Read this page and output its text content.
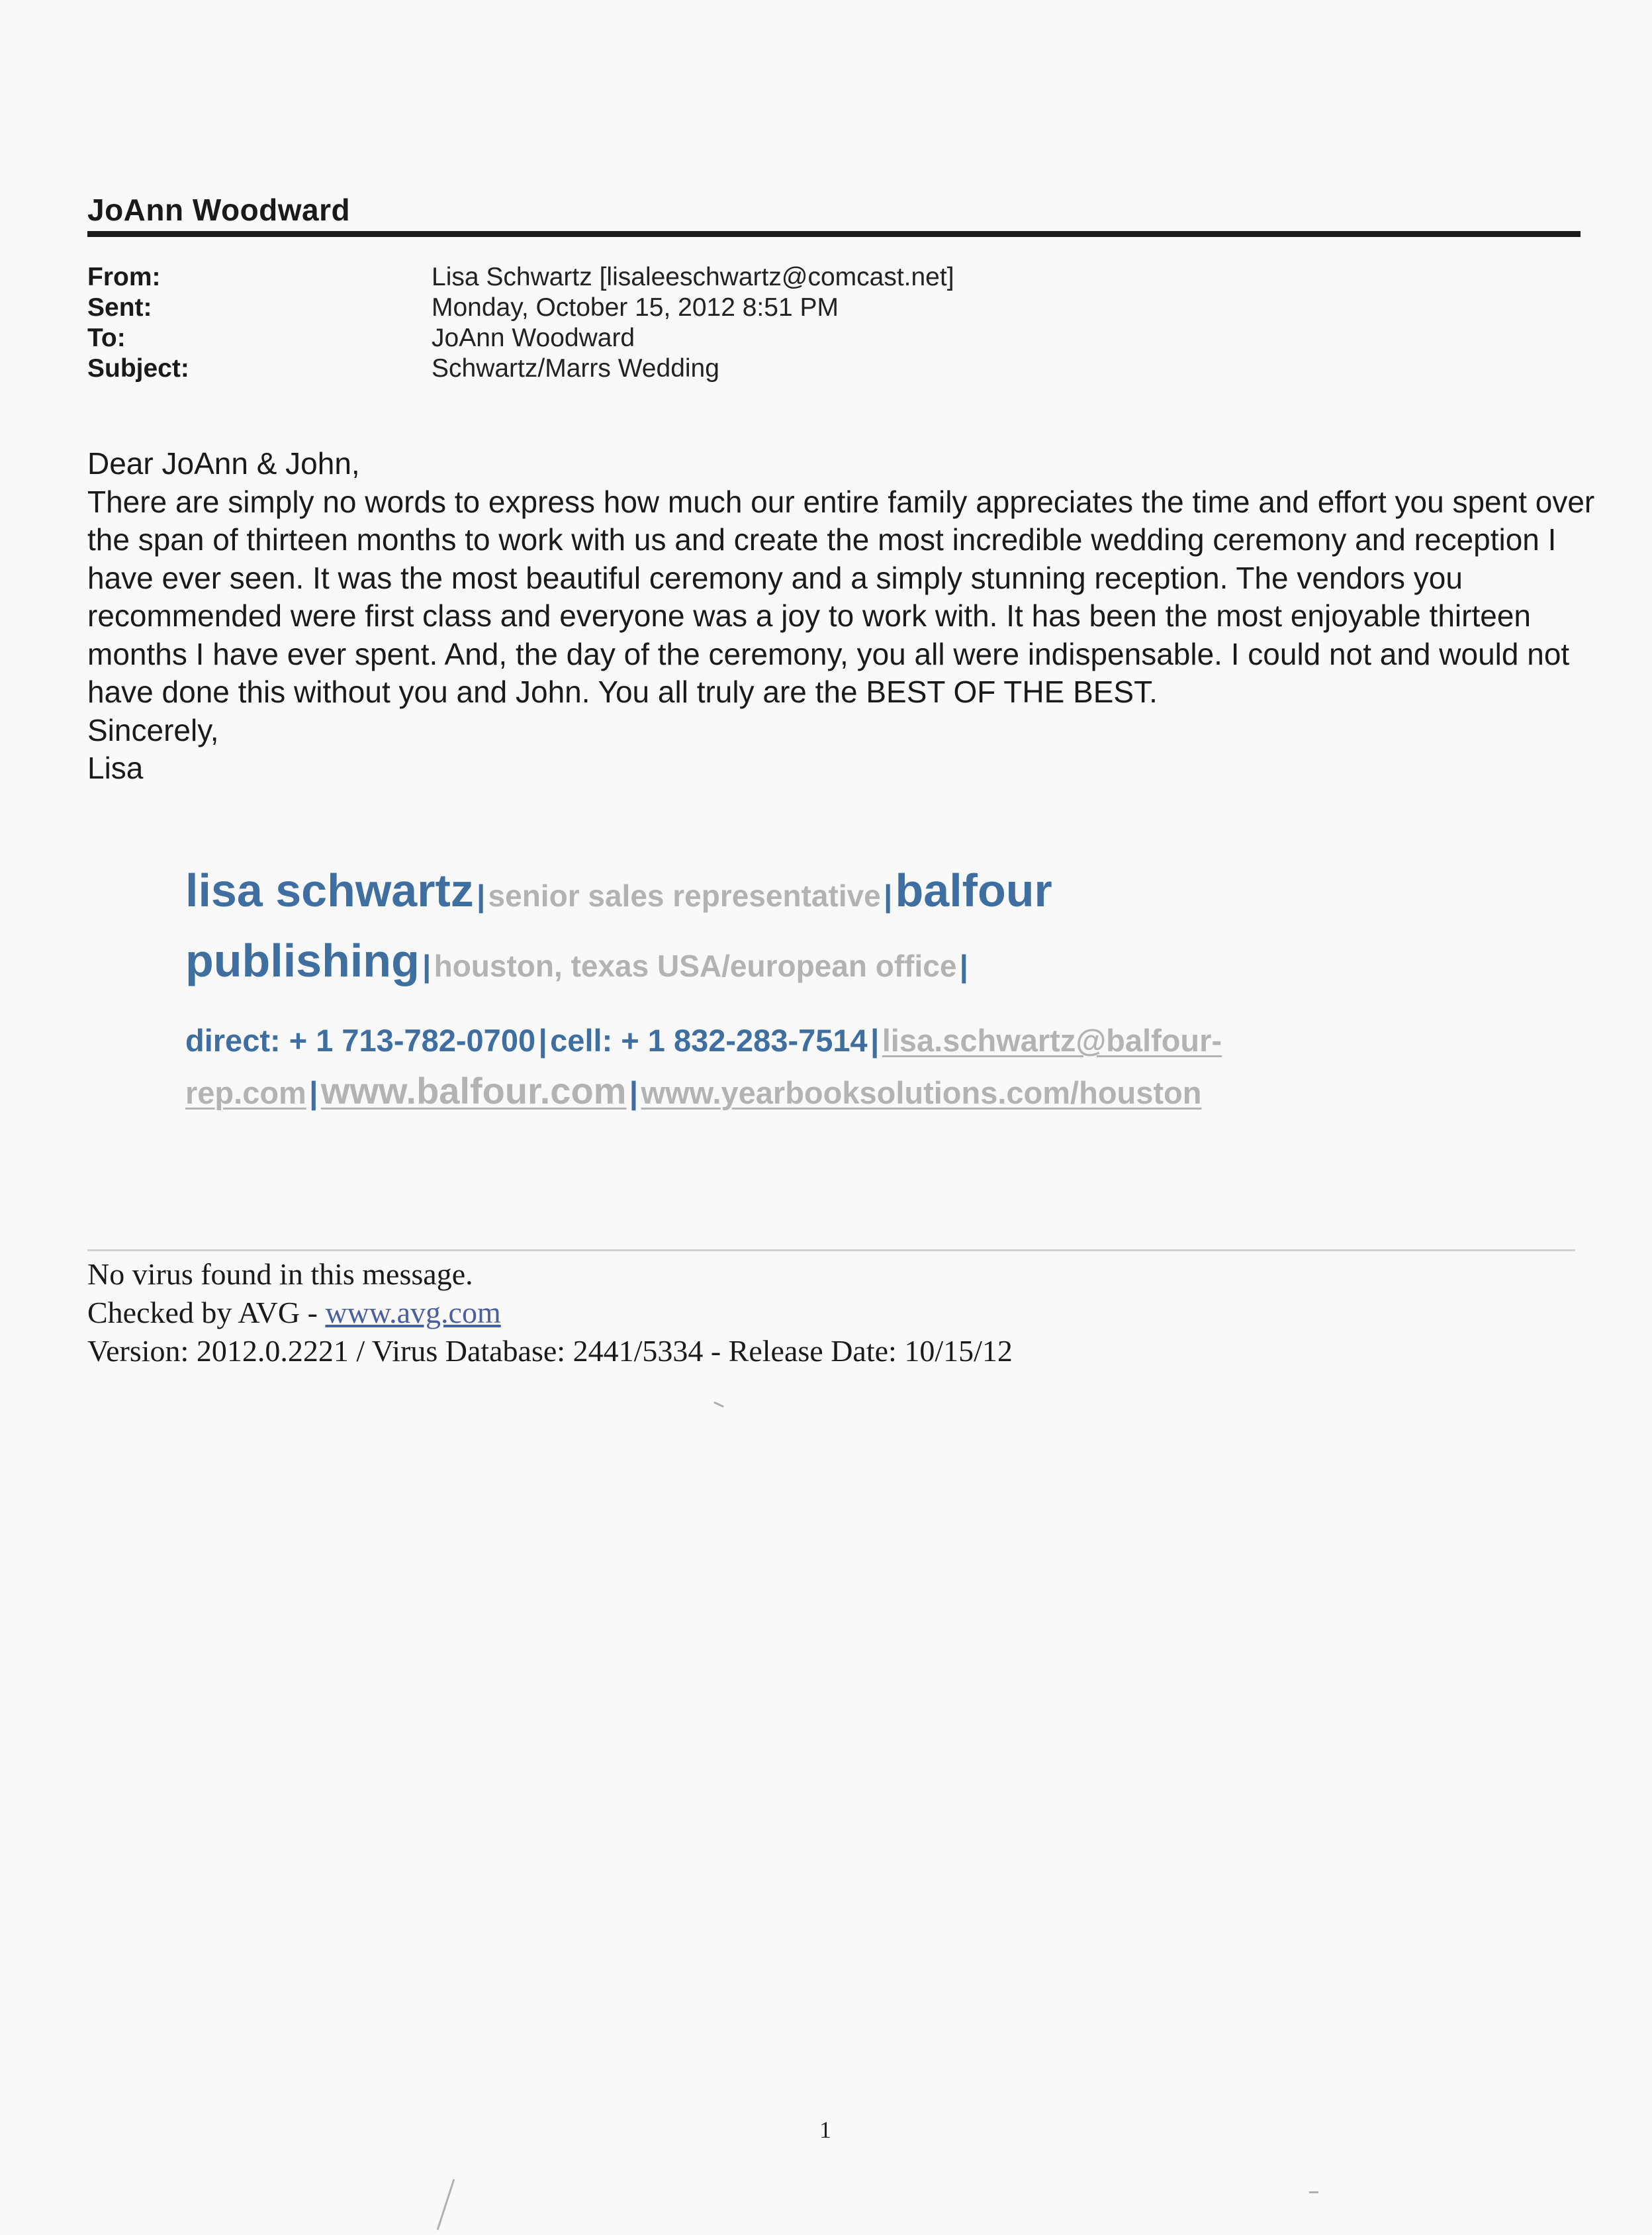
JoAnn Woodward
From:	Lisa Schwartz [lisaleeschwartz@comcast.net]
Sent:	Monday, October 15, 2012 8:51 PM
To:	JoAnn Woodward
Subject:	Schwartz/Marrs Wedding

Dear JoAnn & John,

There are simply no words to express how much our entire family appreciates the time and effort you spent over the span of thirteen months to work with us and create the most incredible wedding ceremony and reception I have ever seen. It was the most beautiful ceremony and a simply stunning reception. The vendors you recommended were first class and everyone was a joy to work with. It has been the most enjoyable thirteen months I have ever spent. And, the day of the ceremony, you all were indispensable. I could not and would not have done this without you and John. You all truly are the BEST OF THE BEST.

Sincerely,

Lisa

lisa schwartz | senior sales representative | balfour
publishing | houston, texas USA/european office |
direct: + 1 713-782-0700 | cell: + 1 832-283-7514 | lisa.schwartz@balfour-
rep.com | www.balfour.com | www.yearbooksolutions.com/houston
No virus found in this message.
Checked by AVG - www.avg.com
Version: 2012.0.2221 / Virus Database: 2441/5334 - Release Date: 10/15/12
1
